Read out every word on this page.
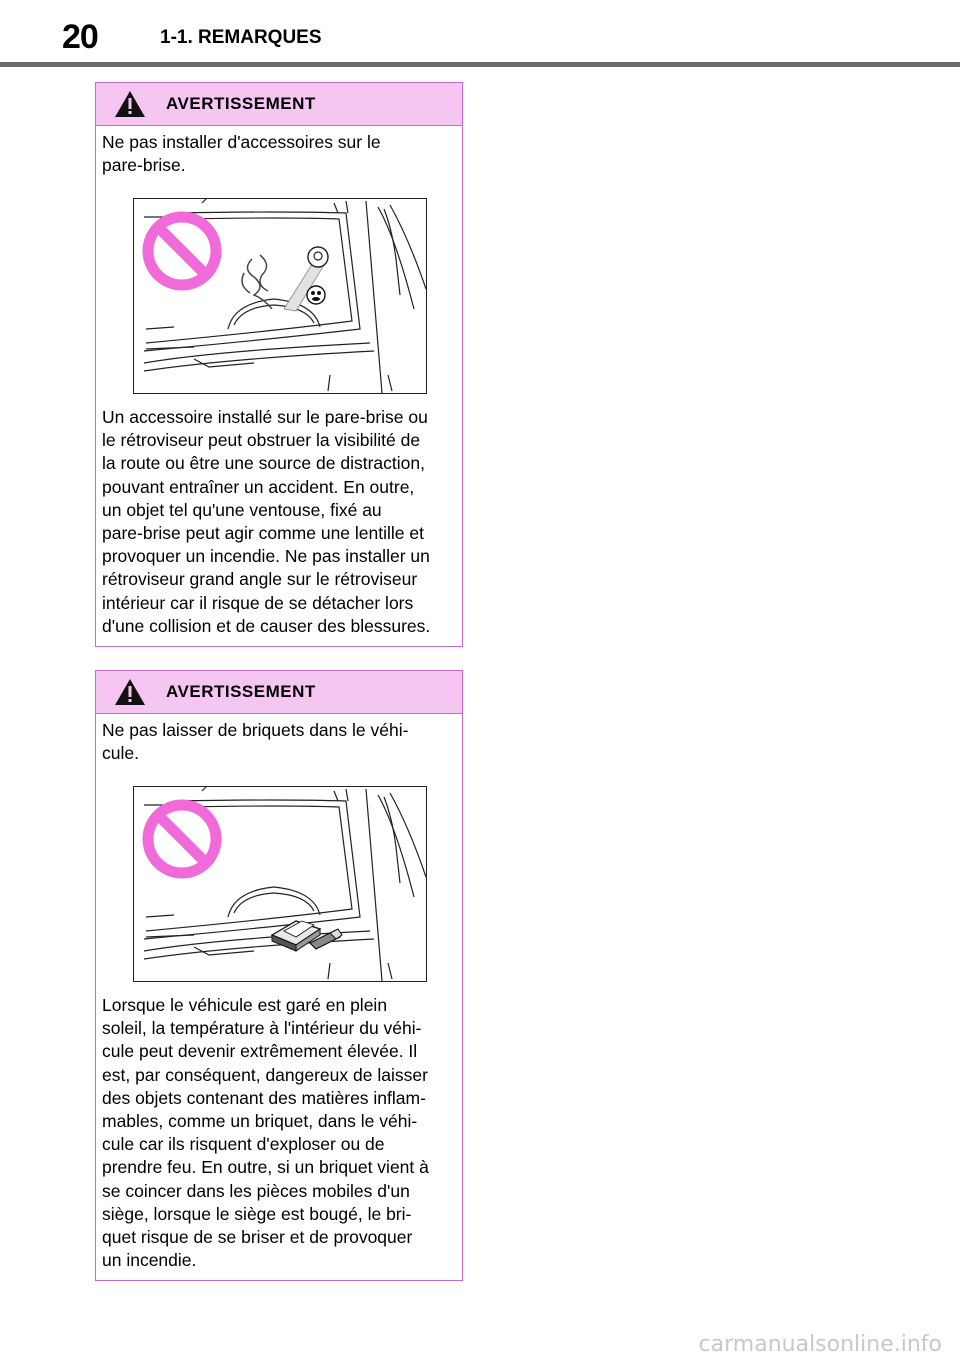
20	1-1. REMARQUES
AVERTISSEMENT

Ne pas installer d'accessoires sur le
pare-brise.

Un accessoire installé sur le pare-brise ou
le rétroviseur peut obstruer la visibilité de
la route ou être une source de distraction,
pouvant entraîner un accident. En outre,
un objet tel qu'une ventouse, fixé au
pare-brise peut agir comme une lentille et
provoquer un incendie. Ne pas installer un
rétroviseur grand angle sur le rétroviseur
intérieur car il risque de se détacher lors
d'une collision et de causer des blessures.

AVERTISSEMENT

Ne pas laisser de briquets dans le véhi-
cule.

Lorsque le véhicule est garé en plein
soleil, la température à l'intérieur du véhi-
cule peut devenir extrêmement élevée. Il
est, par conséquent, dangereux de laisser
des objets contenant des matières inflam-
mables, comme un briquet, dans le véhi-
cule car ils risquent d'exploser ou de
prendre feu. En outre, si un briquet vient à
se coincer dans les pièces mobiles d'un
siège, lorsque le siège est bougé, le bri-
quet risque de se briser et de provoquer
un incendie.

carmanualsonline.info
